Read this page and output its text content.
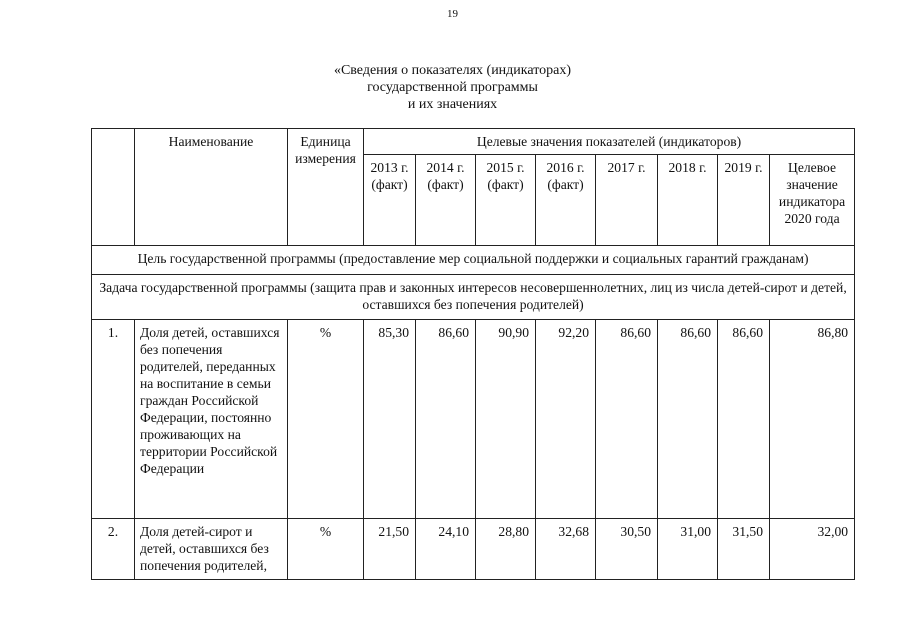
19
«Сведения о показателях (индикаторах)
государственной программы
и их значениях
	Наименование	Единица измерения	Целевые значения показателей (индикаторов)							
			2013 г. (факт)	2014 г. (факт)	2015 г. (факт)	2016 г. (факт)	2017 г.	2018 г.	2019 г.	Целевое значение индикатора 2020 года
Цель государственной программы (предоставление мер социальной поддержки и социальных гарантий гражданам)										
Задача государственной программы (защита прав и законных интересов несовершеннолетних, лиц из числа детей-сирот и детей, оставшихся без попечения родителей)										
1.	Доля детей, оставшихся без попечения родителей, переданных на воспитание в семьи граждан Российской Федерации, постоянно проживающих на территории Российской Федерации	%	85,30	86,60	90,90	92,20	86,60	86,60	86,60	86,80
2.	Доля детей-сирот и детей, оставшихся без попечения родителей,	%	21,50	24,10	28,80	32,68	30,50	31,00	31,50	32,00
